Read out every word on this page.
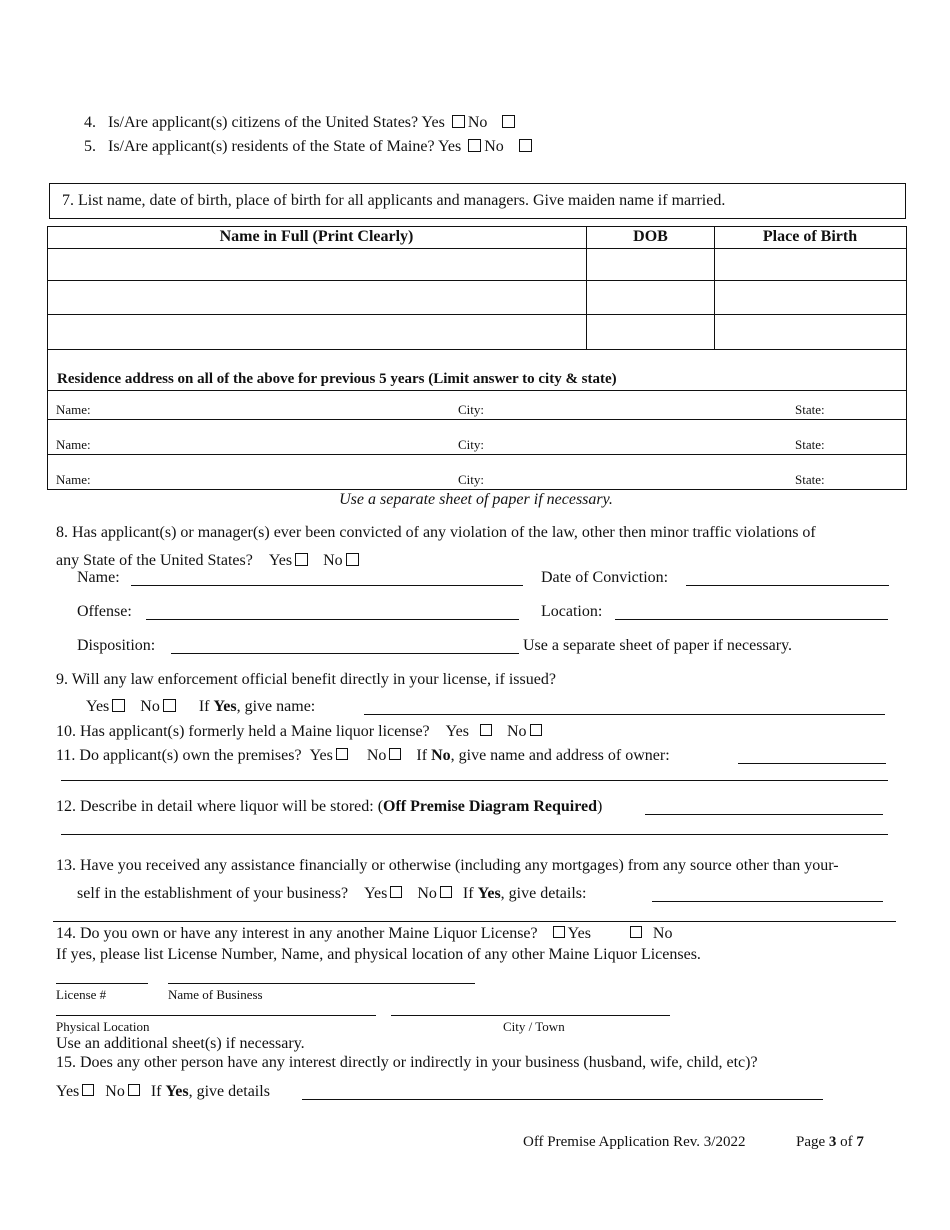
4. Is/Are applicant(s) citizens of the United States? Yes No
5. Is/Are applicant(s) residents of the State of Maine? Yes No
7. List name, date of birth, place of birth for all applicants and managers. Give maiden name if married.
Name in Full (Print Clearly)	DOB	Place of Birth
Residence address on all of the above for previous 5 years (Limit answer to city & state)
Name:	City:	State:
Name:	City:	State:
Name:	City:	State:
Use a separate sheet of paper if necessary.
8. Has applicant(s) or manager(s) ever been convicted of any violation of the law, other then minor traffic violations of
any State of the United States? Yes No
Name:	Date of Conviction:
Offense:	Location:
Disposition:	Use a separate sheet of paper if necessary.
9. Will any law enforcement official benefit directly in your license, if issued?
Yes No If Yes, give name:
10. Has applicant(s) formerly held a Maine liquor license? Yes No
11. Do applicant(s) own the premises? Yes No If No, give name and address of owner:
12. Describe in detail where liquor will be stored: (Off Premise Diagram Required)
13. Have you received any assistance financially or otherwise (including any mortgages) from any source other than your-
self in the establishment of your business? Yes No If Yes, give details:
14. Do you own or have any interest in any another Maine Liquor License? Yes	No
If yes, please list License Number, Name, and physical location of any other Maine Liquor Licenses.
License #	Name of Business
Physical Location	City / Town
Use an additional sheet(s) if necessary.
15. Does any other person have any interest directly or indirectly in your business (husband, wife, child, etc)?
Yes No If Yes, give details
Off Premise Application Rev. 3/2022	Page 3 of 7
